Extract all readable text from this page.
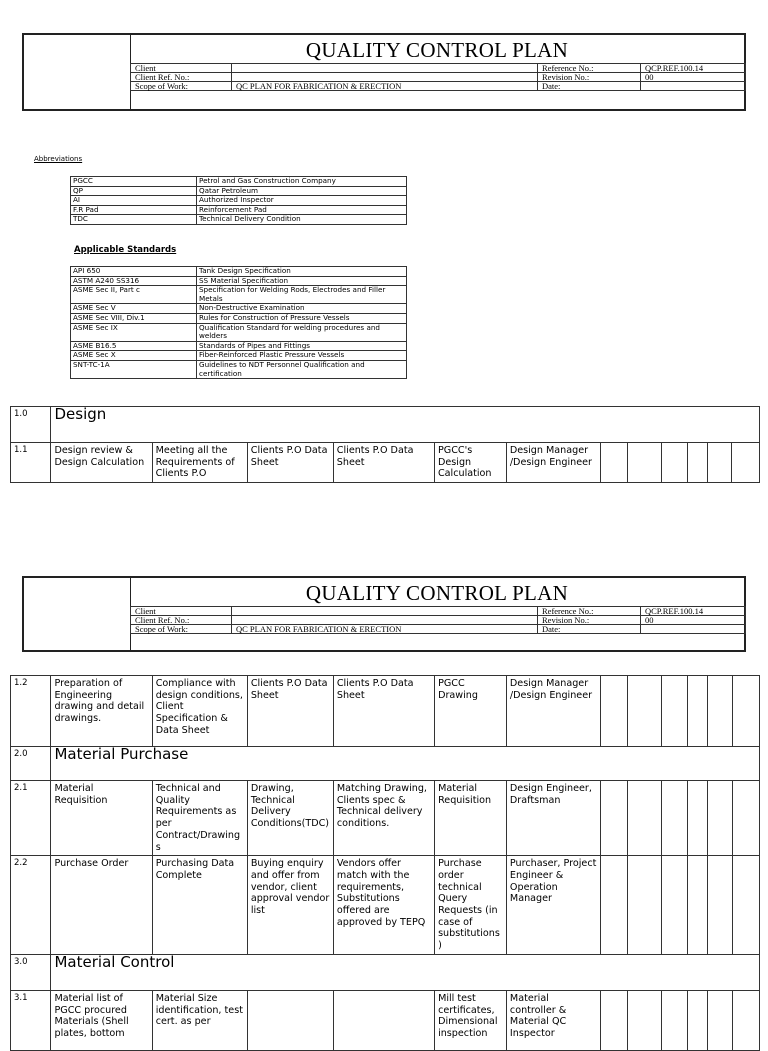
QUALITY CONTROL PLAN
Client		Reference No.:	QCP.REF.100.14
Client Ref. No.:		Revision No.:	00
Scope of Work:	QC PLAN FOR FABRICATION & ERECTION	Date:	
Abbreviations
PGCC	Petrol and Gas Construction Company
QP	Qatar Petroleum
AI	Authorized Inspector
F.R Pad	Reinforcement Pad
TDC	Technical Delivery Condition
Applicable Standards
API 650	Tank Design Specification
ASTM A240 SS316	SS Material Specification
ASME Sec II, Part c	Specification for Welding Rods, Electrodes and Filler Metals
ASME Sec V	Non-Destructive Examination
ASME Sec VIII, Div.1	Rules for Construction of Pressure Vessels
ASME Sec IX	Qualification Standard for welding procedures and welders
ASME B16.5	Standards of Pipes and Fittings
ASME Sec X	Fiber-Reinforced Plastic Pressure Vessels
SNT-TC-1A	Guidelines to NDT Personnel Qualification and certification
1.0	Design											
1.1	Design review & Design Calculation	Meeting all the Requirements of Clients P.O	Clients P.O Data Sheet	Clients P.O Data Sheet	PGCC's Design Calculation	Design Manager /Design Engineer						
QUALITY CONTROL PLAN
Client		Reference No.:	QCP.REF.100.14
Client Ref. No.:		Revision No.:	00
Scope of Work:	QC PLAN FOR FABRICATION & ERECTION	Date:	
1.2	Preparation of Engineering drawing and detail drawings.	Compliance with design conditions, Client Specification & Data Sheet	Clients P.O Data Sheet	Clients P.O Data Sheet	PGCC Drawing	Design Manager /Design Engineer						
2.0	Material Purchase											
2.1	Material Requisition	Technical and Quality Requirements as per Contract/Drawings	Drawing, Technical Delivery Conditions(TDC)	Matching Drawing, Clients spec & Technical delivery conditions.	Material Requisition	Design Engineer, Draftsman						
2.2	Purchase Order	Purchasing Data Complete	Buying enquiry and offer from vendor, client approval vendor list	Vendors offer match with the requirements, Substitutions offered are approved by TEPQ	Purchase order technical Query Requests (in case of substitutions)	Purchaser, Project Engineer & Operation Manager						
3.0	Material Control											
3.1	Material list of PGCC procured Materials (Shell plates, bottom	Material Size identification, test cert. as per			Mill test certificates, Dimensional inspection	Material controller & Material QC Inspector						
